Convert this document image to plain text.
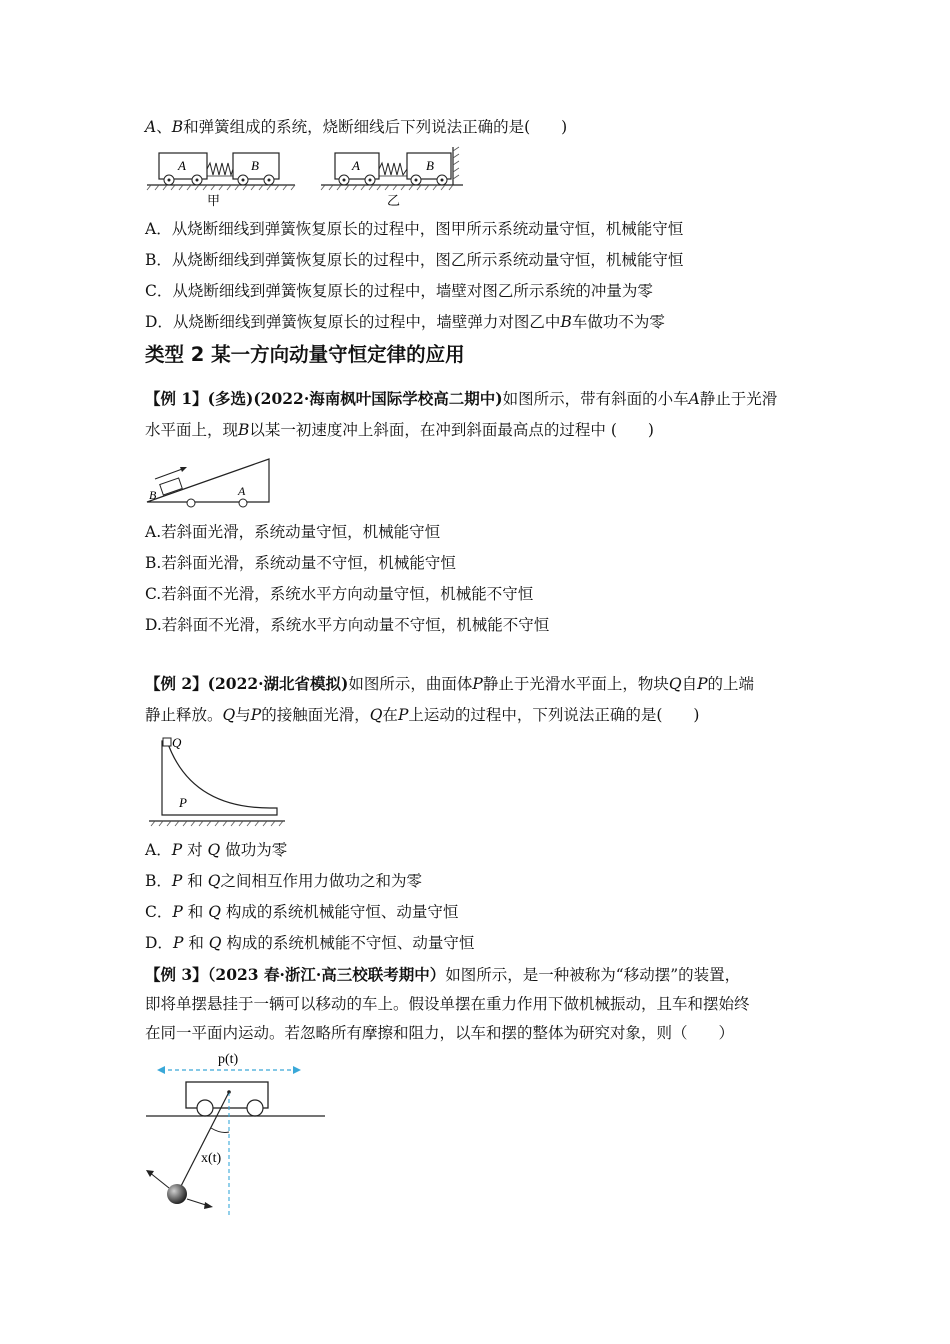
A、B和弹簧组成的系统，烧断细线后下列说法正确的是(　　)
A	B
甲
A	B
乙
A．从烧断细线到弹簧恢复原长的过程中，图甲所示系统动量守恒，机械能守恒
B．从烧断细线到弹簧恢复原长的过程中，图乙所示系统动量守恒，机械能守恒
C．从烧断细线到弹簧恢复原长的过程中，墙壁对图乙所示系统的冲量为零
D．从烧断细线到弹簧恢复原长的过程中，墙壁弹力对图乙中B车做功不为零
类型 2 某一方向动量守恒定律的应用
【例 1】(多选)(2022·海南枫叶国际学校高二期中)如图所示，带有斜面的小车A静止于光滑
水平面上，现B以某一初速度冲上斜面，在冲到斜面最高点的过程中 (　　)
B	A
A.若斜面光滑，系统动量守恒，机械能守恒
B.若斜面光滑，系统动量不守恒，机械能守恒
C.若斜面不光滑，系统水平方向动量守恒，机械能不守恒
D.若斜面不光滑，系统水平方向动量不守恒，机械能不守恒
【例 2】(2022·湖北省模拟)如图所示，曲面体P静止于光滑水平面上，物块Q自P的上端
静止释放。Q与P的接触面光滑，Q在P上运动的过程中，下列说法正确的是(　　)
Q
P
A．P 对 Q 做功为零
B．P 和 Q之间相互作用力做功之和为零
C．P 和 Q 构成的系统机械能守恒、动量守恒
D．P 和 Q 构成的系统机械能不守恒、动量守恒
【例 3】（2023 春·浙江·高三校联考期中）如图所示，是一种被称为“移动摆”的装置，
即将单摆悬挂于一辆可以移动的车上。假设单摆在重力作用下做机械振动，且车和摆始终
在同一平面内运动。若忽略所有摩擦和阻力，以车和摆的整体为研究对象，则（　　）
p(t)
x(t)
